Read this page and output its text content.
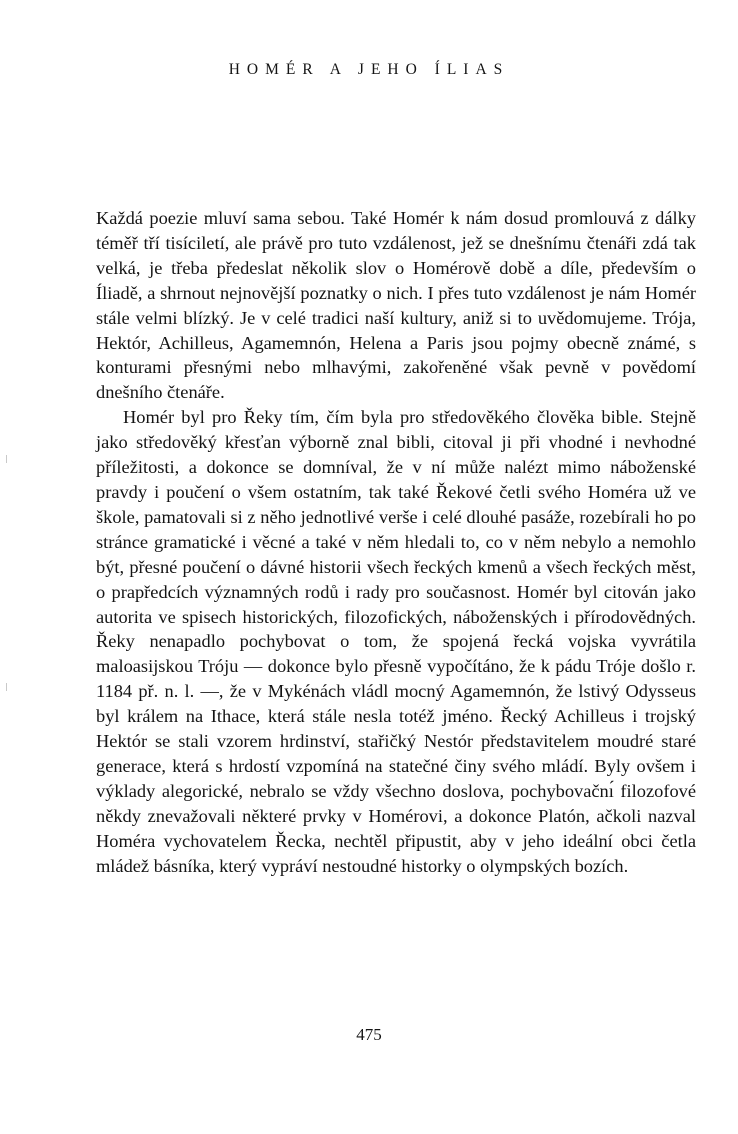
HOMÉR A JEHO ÍLIAS

Každá poezie mluví sama sebou. Také Homér k nám dosud promlouvá z dálky téměř tří tisíciletí, ale právě pro tuto vzdálenost, jež se dnešnímu čtenáři zdá tak velká, je třeba předeslat několik slov o Homérově době a díle, především o Íliadě, a shrnout nejnovější poznatky o nich. I přes tuto vzdálenost je nám Homér stále velmi blízký. Je v celé tradici naší kultury, aniž si to uvědomujeme. Trója, Hektór, Achilleus, Agamemnón, Helena a Paris jsou pojmy obecně známé, s konturami přesnými nebo mlhavými, zakořeněné však pevně v povědomí dnešního čtenáře.

Homér byl pro Řeky tím, čím byla pro středověkého člověka bible. Stejně jako středověký křesťan výborně znal bibli, citoval ji při vhodné i nevhodné příležitosti, a dokonce se domníval, že v ní může nalézt mimo náboženské pravdy i poučení o všem ostatním, tak také Řekové četli svého Homéra už ve škole, pamatovali si z něho jednotlivé verše i celé dlouhé pasáže, rozebírali ho po stránce gramatické i věcné a také v něm hledali to, co v něm nebylo a nemohlo být, přesné poučení o dávné historii všech řeckých kmenů a všech řeckých měst, o prapředcích významných rodů i rady pro současnost. Homér byl citován jako autorita ve spisech historických, filozofických, náboženských i přírodovědných. Řeky nenapadlo pochybovat o tom, že spojená řecká vojska vyvrátila maloasijskou Tróju — dokonce bylo přesně vypočítáno, že k pádu Tróje došlo r. 1184 př. n. l. —, že v Mykénách vládl mocný Agamemnón, že lstivý Odysseus byl králem na Ithace, která stále nesla totéž jméno. Řecký Achilleus i trojský Hektór se stali vzorem hrdinství, stařičký Nestór představitelem moudré staré generace, která s hrdostí vzpomíná na statečné činy svého mládí. Byly ovšem i výklady alegorické, nebralo se vždy všechno doslova, pochybovačnı́ filozofové někdy znevažovali některé prvky v Homérovi, a dokonce Platón, ačkoli nazval Homéra vychovatelem Řecka, nechtěl připustit, aby v jeho ideální obci četla mládež básníka, který vypráví nestoudné historky o olympských bozích.

475
